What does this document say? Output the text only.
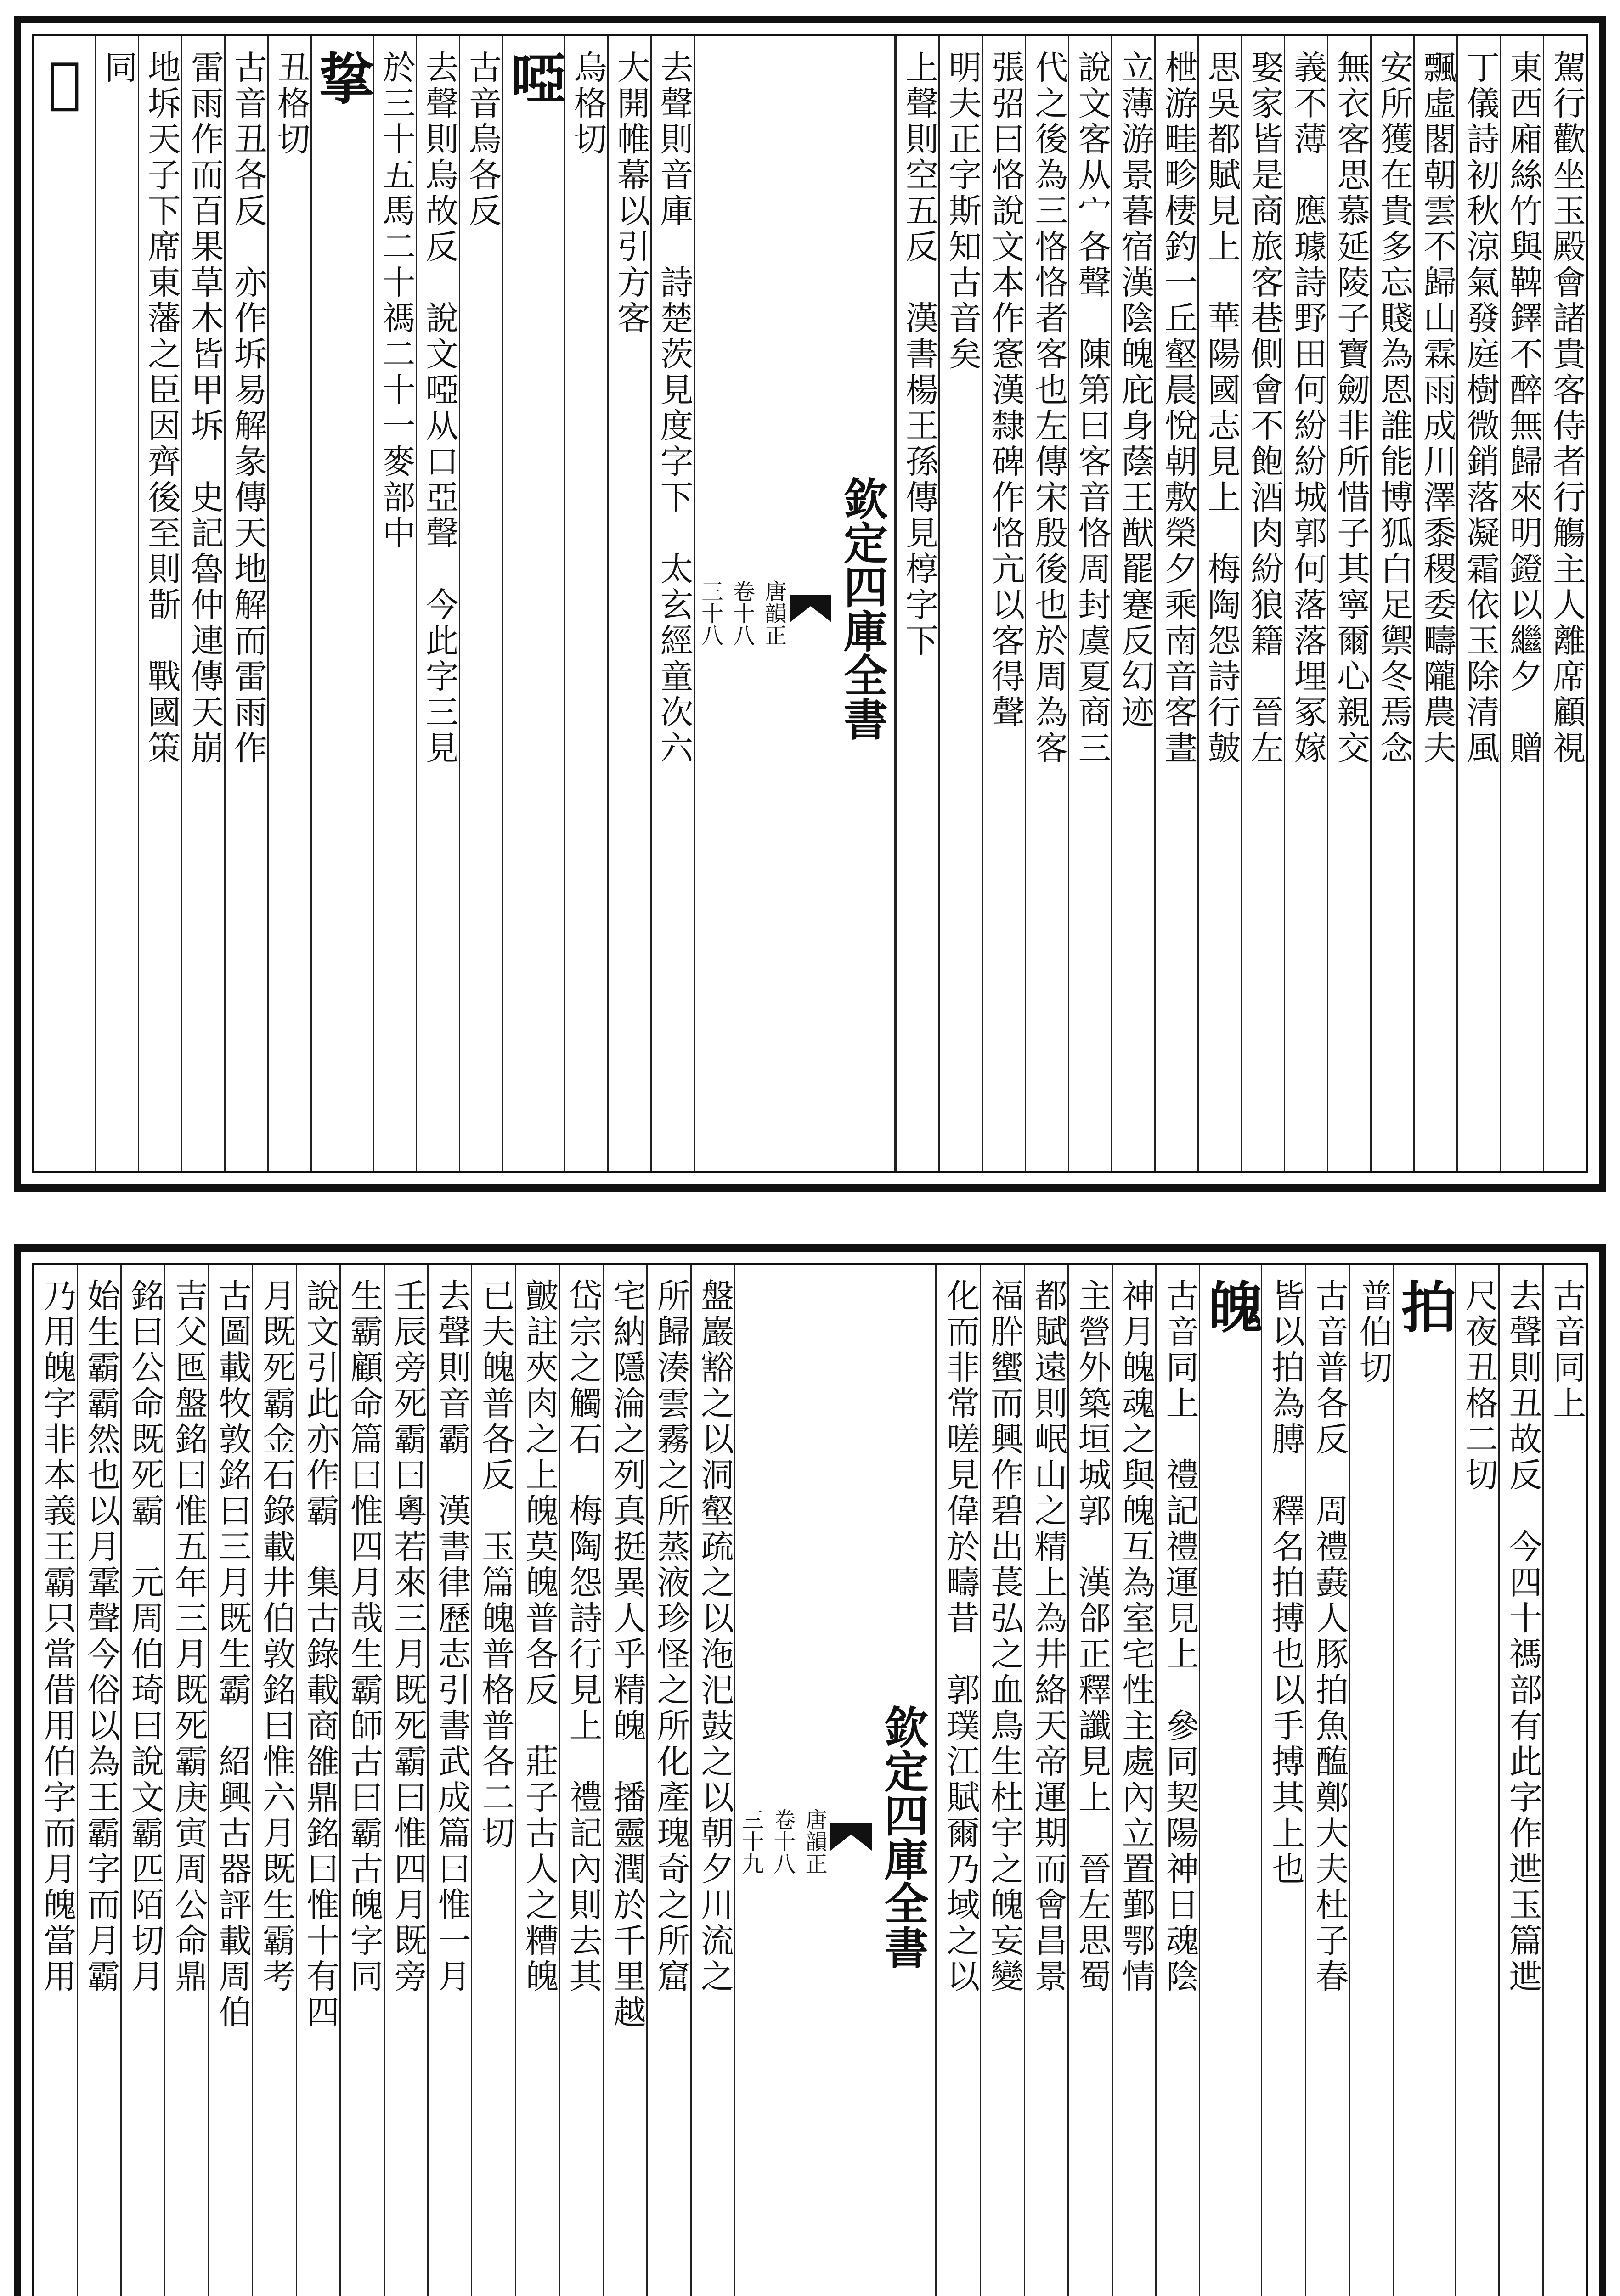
駕行歡坐玉殿會諸貴客侍者行觴主人離席顧視
東西廂絲竹與鞞鐸不醉無歸來明鐙以繼夕　贈
丁儀詩初秋涼氣發庭樹微銷落凝霜依玉除清風
飄虛閣朝雲不歸山霖雨成川澤黍稷委疇隴農夫
安所獲在貴多忘賤為恩誰能博狐白足禦冬焉念
無衣客思慕延陵子寶劒非所惜子其寧爾心親交
義不薄　應璩詩野田何紛紛城郭何落落埋冢嫁
娶家皆是商旅客巷側會不飽酒肉紛狼籍　晉左
思吳都賦見上　華陽國志見上　梅陶怨詩行皷
枻游畦畛棲釣一丘壑晨悅朝敷榮夕乘南音客晝
立薄游景暮宿漢陰魄庇身蔭王猷罷蹇反幻迹
說文客从宀各聲　陳第曰客音恪周封虞夏商三
代之後為三恪恪者客也左傳宋殷後也於周為客
張弨曰恪說文本作愙漢隸碑作恪亢以客得聲
明夫正字斯知古音矣
上聲則空五反　漢書楊王孫傳見椁字下
欽定四庫全書
唐韻正
卷十八
三十八
去聲則音庫　詩楚茨見度字下　太玄經童次六
大開帷幕以引方客
烏格切
啞
古音烏各反
去聲則烏故反　說文啞从口亞聲　今此字三見
於三十五馬二十禡二十一麥部中
㧳
丑格切
古音丑各反　亦作坼易解彖傳天地解而雷雨作
雷雨作而百果草木皆甲坼　史記魯仲連傳天崩
地坼天子下席東藩之臣因齊後至則斮　戰國策
同
𨀵
古音同上
去聲則丑故反　今四十禡部有此字作迣玉篇迣
尺夜丑格二切
拍
普伯切
古音普各反　周禮鼖人豚拍魚醢鄭大夫杜子春
皆以拍為膊　釋名拍搏也以手搏其上也
魄
古音同上　禮記禮運見上　參同契陽神日魂陰
神月魄魂之與魄互為室宅性主處內立置鄞鄂情
主營外築垣城郭　漢郃正釋讖見上　晉左思蜀
都賦遠則岷山之精上為井絡天帝運期而會昌景
福肸蠁而興作碧出萇弘之血鳥生杜宇之魄妄變
化而非常嗟見偉於疇昔　郭璞江賦爾乃域之以
欽定四庫全書
唐韻正
卷十八
三十九
盤巖豁之以洞壑疏之以沲汜鼓之以朝夕川流之
所歸湊雲霧之所蒸液珍怪之所化產瑰奇之所窟
宅納隱淪之列真挺異人乎精魄　播靈潤於千里越
岱宗之觸石　梅陶怨詩行見上　禮記內則去其
皽註夾肉之上魄莫魄普各反　莊子古人之糟魄
已夫魄普各反　玉篇魄普格普各二切
去聲則音霸　漢書律歷志引書武成篇曰惟一月
壬辰旁死霸曰粵若來三月既死霸曰惟四月既旁
生霸顧命篇曰惟四月哉生霸師古曰霸古魄字同
說文引此亦作霸　集古錄載商雒鼎銘曰惟十有四
月既死霸金石錄載井伯敦銘曰惟六月既生霸考
古圖載牧敦銘曰三月既生霸　紹興古器評載周伯
吉父匜盤銘曰惟五年三月既死霸庚寅周公命鼎
銘曰公命既死霸　元周伯琦曰說文霸匹陌切月
始生霸霸然也以月䨣聲今俗以為王霸字而月霸
乃用魄字非本義王霸只當借用伯字而月魄當用
